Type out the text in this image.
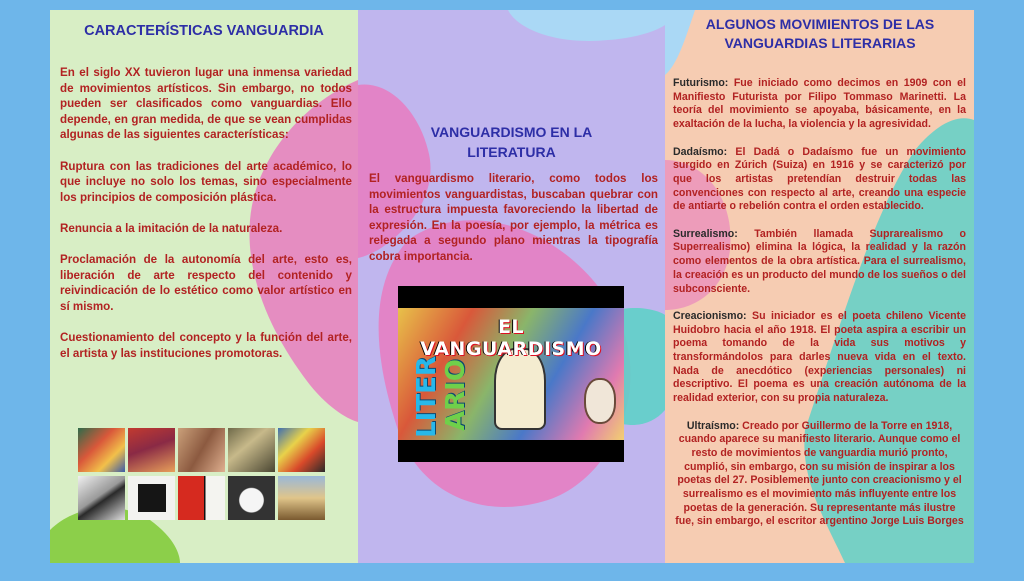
CARACTERÍSTICAS VANGUARDIA

En el siglo XX tuvieron lugar una inmensa variedad de movimientos artísticos. Sin embargo, no todos pueden ser clasificados como vanguardias. Ello depende, en gran medida, de que se vean cumplidas algunas de las siguientes características:

Ruptura con las tradiciones del arte académico, lo que incluye no solo los temas, sino especialmente los principios de composición plástica.

Renuncia a la imitación de la naturaleza.

Proclamación de la autonomía del arte, esto es, liberación de arte respecto del contenido y reivindicación de lo estético como valor artístico en sí mismo.

Cuestionamiento del concepto y la función del arte, el artista y las instituciones promotoras.

VANGUARDISMO EN LA LITERATURA
El vanguardismo literario, como todos los movimientos vanguardistas, buscaban quebrar con la estructura impuesta favoreciendo la libertad de expresión. En la poesía, por ejemplo, la métrica es relegada a segundo plano mientras la tipografía cobra importancia.
EL VANGUARDISMO
LITER ARIO
ALGUNOS MOVIMIENTOS DE LAS VANGUARDIAS LITERARIAS

Futurismo: Fue iniciado como decimos en 1909 con el Manifiesto Futurista por Filipo Tommaso Marinetti. La teoría del movimiento se apoyaba, básicamente, en la exaltación de la lucha, la violencia y la agresividad.

Dadaísmo: El Dadá o Dadaísmo fue un movimiento surgido en Zúrich (Suiza) en 1916 y se caracterizó por que los artistas pretendían destruir todas las convenciones con respecto al arte, creando una especie de antiarte o rebelión contra el orden establecido.

Surrealismo: También llamada Suprarealismo o Superrealismo) elimina la lógica, la realidad y la razón como elementos de la obra artística. Para el surrealismo, la creación es un producto del mundo de los sueños o del subconsciente.

Creacionismo: Su iniciador es el poeta chileno Vicente Huidobro hacia el año 1918. El poeta aspira a escribir un poema tomando de la vida sus motivos y transformándolos para darles nueva vida en el texto. Nada de anecdótico (experiencias personales) ni descriptivo. El poema es una creación autónoma de la realidad exterior, con su propia naturaleza.

Ultraísmo: Creado por Guillermo de la Torre en 1918, cuando aparece su manifiesto literario. Aunque como el resto de movimientos de vanguardia murió pronto, cumplió, sin embargo, con su misión de inspirar a los poetas del 27. Posiblemente junto con creacionismo y el surrealismo es el movimiento más influyente entre los poetas de la generación. Su representante más ilustre fue, sin embargo, el escritor argentino Jorge Luis Borges
